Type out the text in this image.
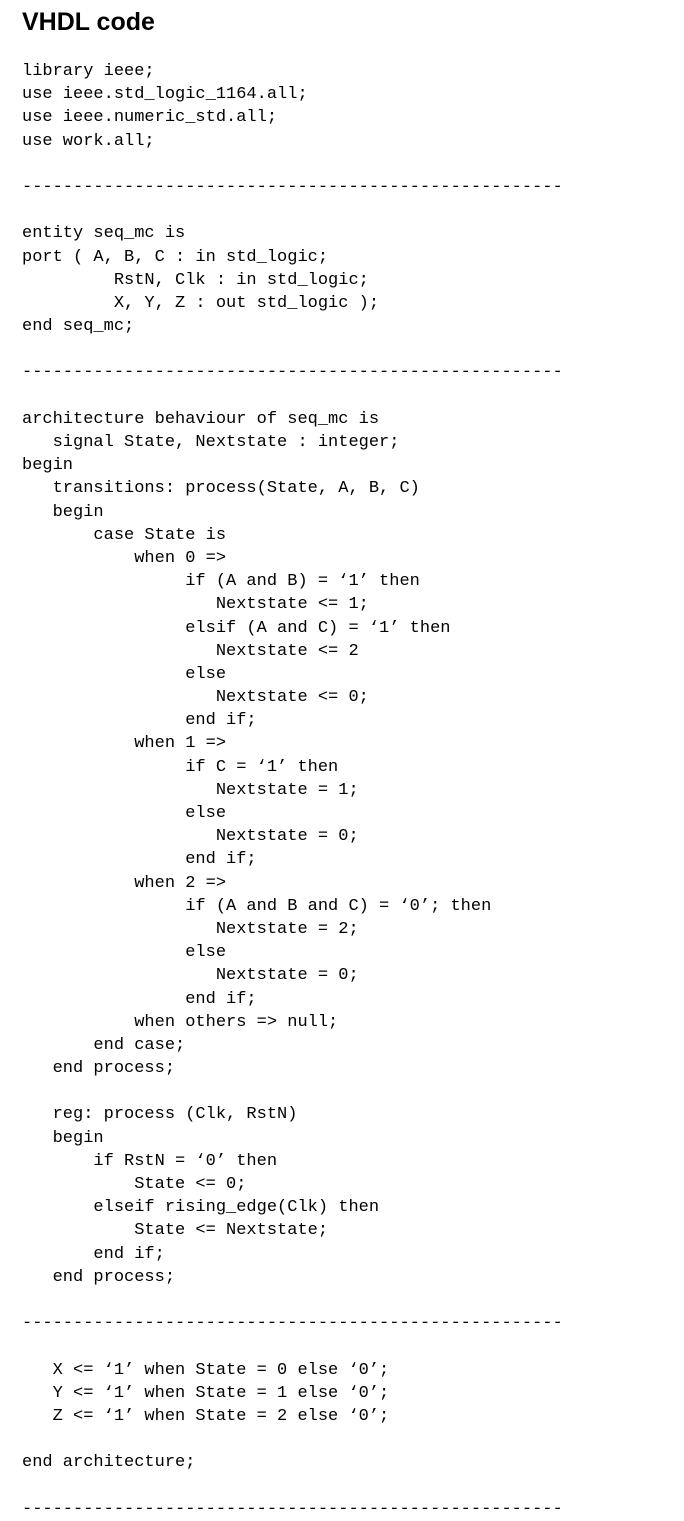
VHDL code
library ieee;
use ieee.std_logic_1164.all;
use ieee.numeric_std.all;
use work.all;
-----------------------------------------------------
entity seq_mc is
port ( A, B, C : in std_logic;
RstN, Clk : in std_logic;
X, Y, Z : out std_logic );
end seq_mc;
-----------------------------------------------------
architecture behaviour of seq_mc is
signal State, Nextstate : integer;
begin
transitions: process(State, A, B, C)
begin
case State is
when 0 =>
if (A and B) = ‘1’ then
Nextstate <= 1;
elsif (A and C) = ‘1’ then
Nextstate <= 2
else
Nextstate <= 0;
end if;
when 1 =>
if C = ‘1’ then
Nextstate = 1;
else
Nextstate = 0;
end if;
when 2 =>
if (A and B and C) = ‘0’; then
Nextstate = 2;
else
Nextstate = 0;
end if;
when others => null;
end case;
end process;
reg: process (Clk, RstN)
begin
if RstN = ‘0’ then
State <= 0;
elseif rising_edge(Clk) then
State <= Nextstate;
end if;
end process;
-----------------------------------------------------
X <= ‘1’ when State = 0 else ‘0’;
Y <= ‘1’ when State = 1 else ‘0’;
Z <= ‘1’ when State = 2 else ‘0’;
end architecture;
-----------------------------------------------------
